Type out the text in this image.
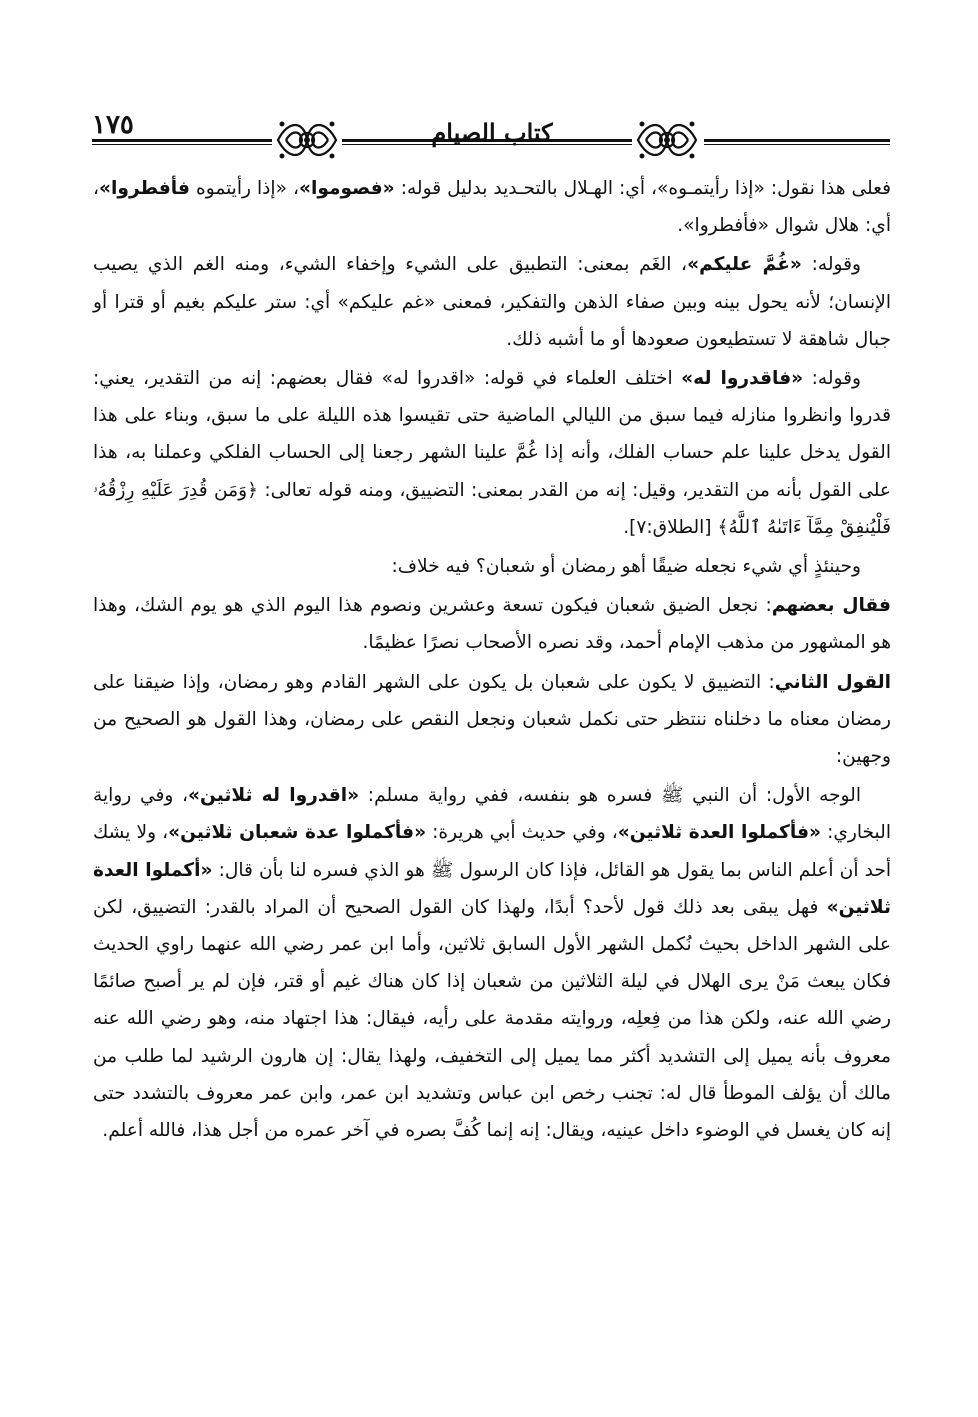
١٧٥	كتاب الصيام

فعلى هذا نقول: «إذا رأيتمـوه»، أي: الهـلال بالتحـديد بدليل قوله: «فصوموا»، «إذا رأيتموه فأفطروا»، أي: هلال شوال «فأفطروا».

وقوله: «غُمَّ عليكم»، الغَم بمعنى: التطبيق على الشيء وإخفاء الشيء، ومنه الغم الذي يصيب الإنسان؛ لأنه يحول بينه وبين صفاء الذهن والتفكير، فمعنى «غم عليكم» أي: ستر عليكم بغيم أو قترا أو جبال شاهقة لا تستطيعون صعودها أو ما أشبه ذلك.

وقوله: «فاقدروا له» اختلف العلماء في قوله: «اقدروا له» فقال بعضهم: إنه من التقدير، يعني: قدروا وانظروا منازله فيما سبق من الليالي الماضية حتى تقيسوا هذه الليلة على ما سبق، وبناء على هذا القول يدخل علينا علم حساب الفلك، وأنه إذا غُمَّ علينا الشهر رجعنا إلى الحساب الفلكي وعملنا به، هذا على القول بأنه من التقدير، وقيل: إنه من القدر بمعنى: التضييق، ومنه قوله تعالى: ﴿وَمَن قُدِرَ عَلَيْهِ رِزْقُهُۥ فَلْيُنفِقْ مِمَّآ ءَاتَىٰهُ ٱللَّهُ﴾ [الطلاق:٧].

وحينئذٍ أي شيء نجعله ضيقًا أهو رمضان أو شعبان؟ فيه خلاف:

فقال بعضهم: نجعل الضيق شعبان فيكون تسعة وعشرين ونصوم هذا اليوم الذي هو يوم الشك، وهذا هو المشهور من مذهب الإمام أحمد، وقد نصره الأصحاب نصرًا عظيمًا.

القول الثاني: التضييق لا يكون على شعبان بل يكون على الشهر القادم وهو رمضان، وإذا ضيقنا على رمضان معناه ما دخلناه ننتظر حتى نكمل شعبان ونجعل النقص على رمضان، وهذا القول هو الصحيح من وجهين:

الوجه الأول: أن النبي ﷺ فسره هو بنفسه، ففي رواية مسلم: «اقدروا له ثلاثين»، وفي رواية البخاري: «فأكملوا العدة ثلاثين»، وفي حديث أبي هريرة: «فأكملوا عدة شعبان ثلاثين»، ولا يشك أحد أن أعلم الناس بما يقول هو القائل، فإذا كان الرسول ﷺ هو الذي فسره لنا بأن قال: «أكملوا العدة ثلاثين» فهل يبقى بعد ذلك قول لأحد؟ أبدًا، ولهذا كان القول الصحيح أن المراد بالقدر: التضييق، لكن على الشهر الداخل بحيث نُكمل الشهر الأول السابق ثلاثين، وأما ابن عمر رضي الله عنهما راوي الحديث فكان يبعث مَنْ يرى الهلال في ليلة الثلاثين من شعبان إذا كان هناك غيم أو قتر، فإن لم ير أصبح صائمًا رضي الله عنه، ولكن هذا من فِعلِه، وروايته مقدمة على رأيه، فيقال: هذا اجتهاد منه، وهو رضي الله عنه معروف بأنه يميل إلى التشديد أكثر مما يميل إلى التخفيف، ولهذا يقال: إن هارون الرشيد لما طلب من مالك أن يؤلف الموطأ قال له: تجنب رخص ابن عباس وتشديد ابن عمر، وابن عمر معروف بالتشدد حتى إنه كان يغسل في الوضوء داخل عينيه، ويقال: إنه إنما كُفَّ بصره في آخر عمره من أجل هذا، فالله أعلم.
